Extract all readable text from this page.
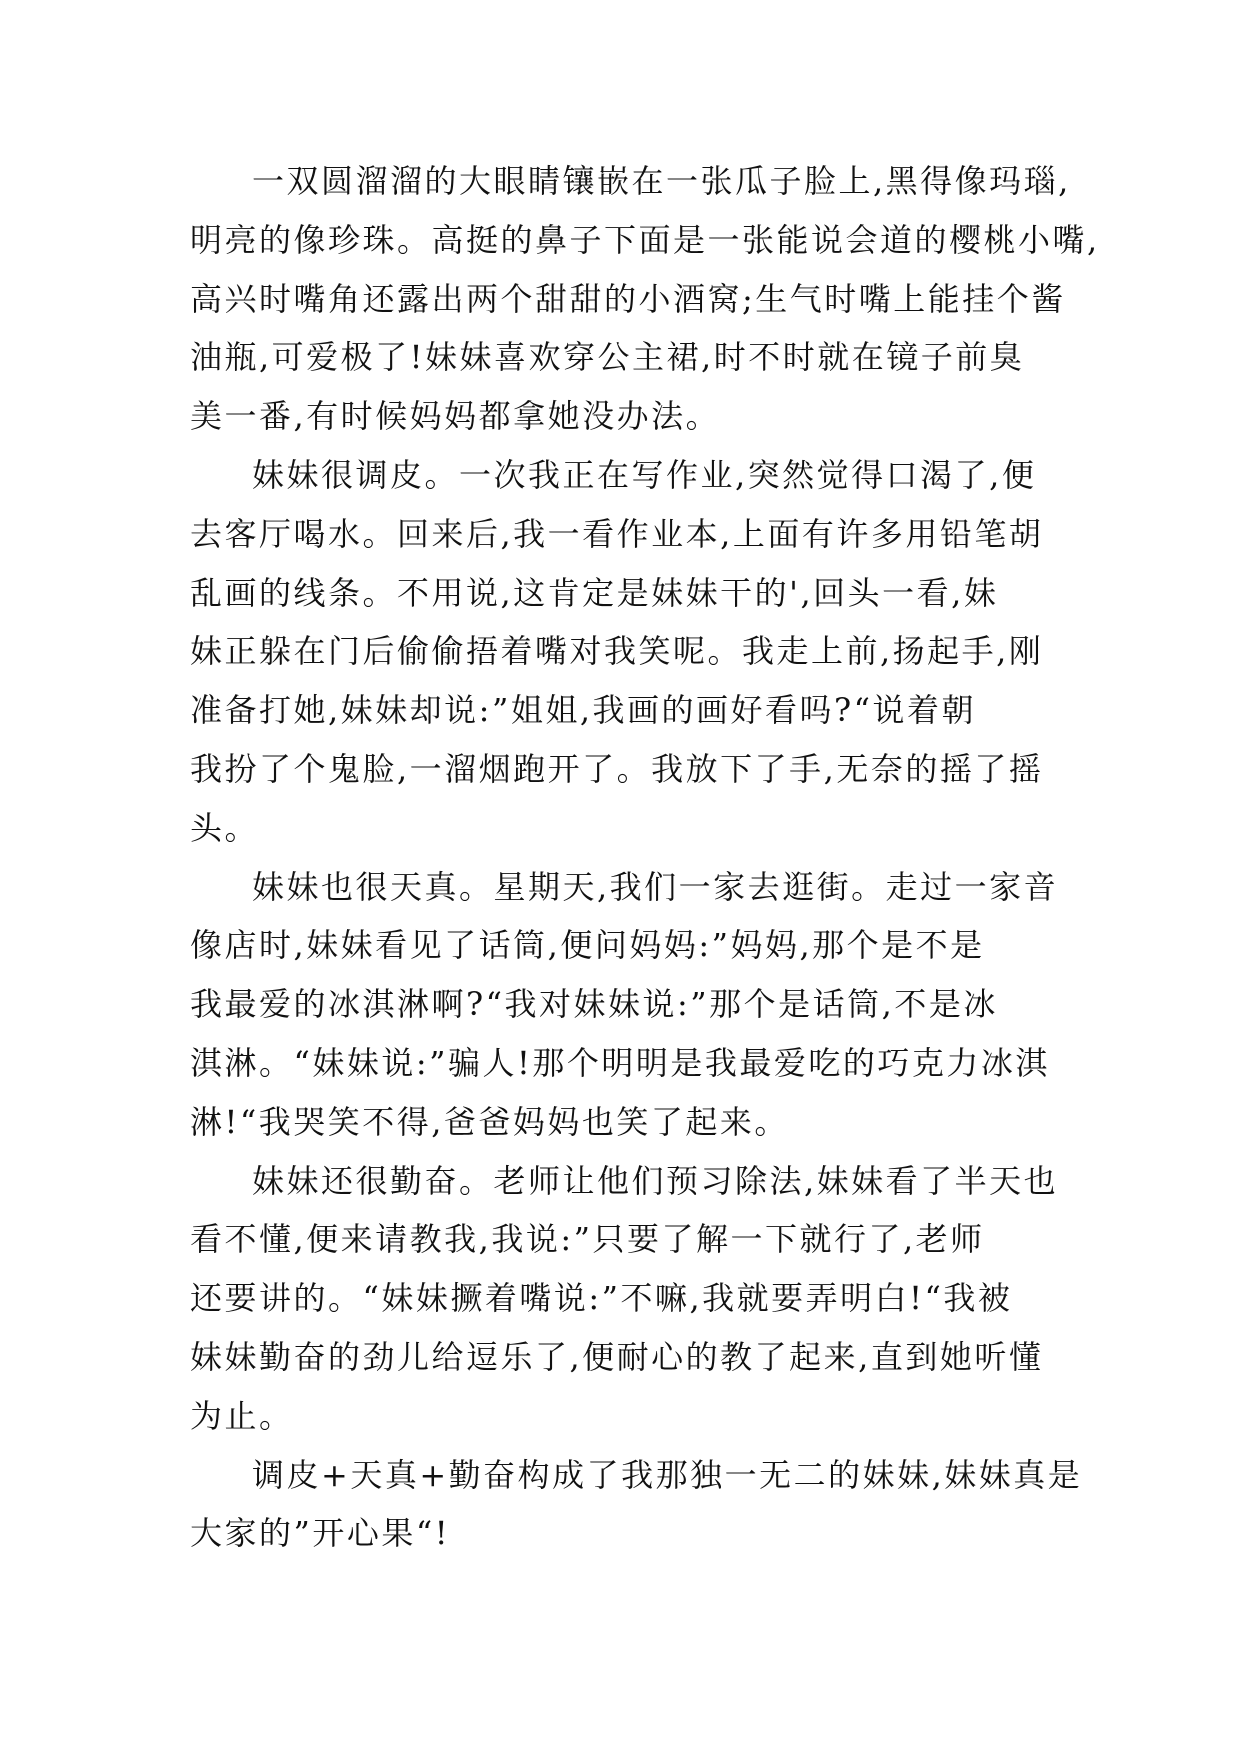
一双圆溜溜的大眼睛镶嵌在一张瓜子脸上,黑得像玛瑙,
明亮的像珍珠。高挺的鼻子下面是一张能说会道的樱桃小嘴,
高兴时嘴角还露出两个甜甜的小酒窝;生气时嘴上能挂个酱
油瓶,可爱极了!妹妹喜欢穿公主裙,时不时就在镜子前臭
美一番,有时候妈妈都拿她没办法。
妹妹很调皮。一次我正在写作业,突然觉得口渴了,便
去客厅喝水。回来后,我一看作业本,上面有许多用铅笔胡
乱画的线条。不用说,这肯定是妹妹干的',回头一看,妹
妹正躲在门后偷偷捂着嘴对我笑呢。我走上前,扬起手,刚
准备打她,妹妹却说:”姐姐,我画的画好看吗?“说着朝
我扮了个鬼脸,一溜烟跑开了。我放下了手,无奈的摇了摇
头。
妹妹也很天真。星期天,我们一家去逛街。走过一家音
像店时,妹妹看见了话筒,便问妈妈:”妈妈,那个是不是
我最爱的冰淇淋啊?“我对妹妹说:”那个是话筒,不是冰
淇淋。“妹妹说:”骗人!那个明明是我最爱吃的巧克力冰淇
淋!“我哭笑不得,爸爸妈妈也笑了起来。
妹妹还很勤奋。老师让他们预习除法,妹妹看了半天也
看不懂,便来请教我,我说:”只要了解一下就行了,老师
还要讲的。“妹妹撅着嘴说:”不嘛,我就要弄明白!“我被
妹妹勤奋的劲儿给逗乐了,便耐心的教了起来,直到她听懂
为止。
调皮+天真+勤奋构成了我那独一无二的妹妹,妹妹真是
大家的”开心果“!
